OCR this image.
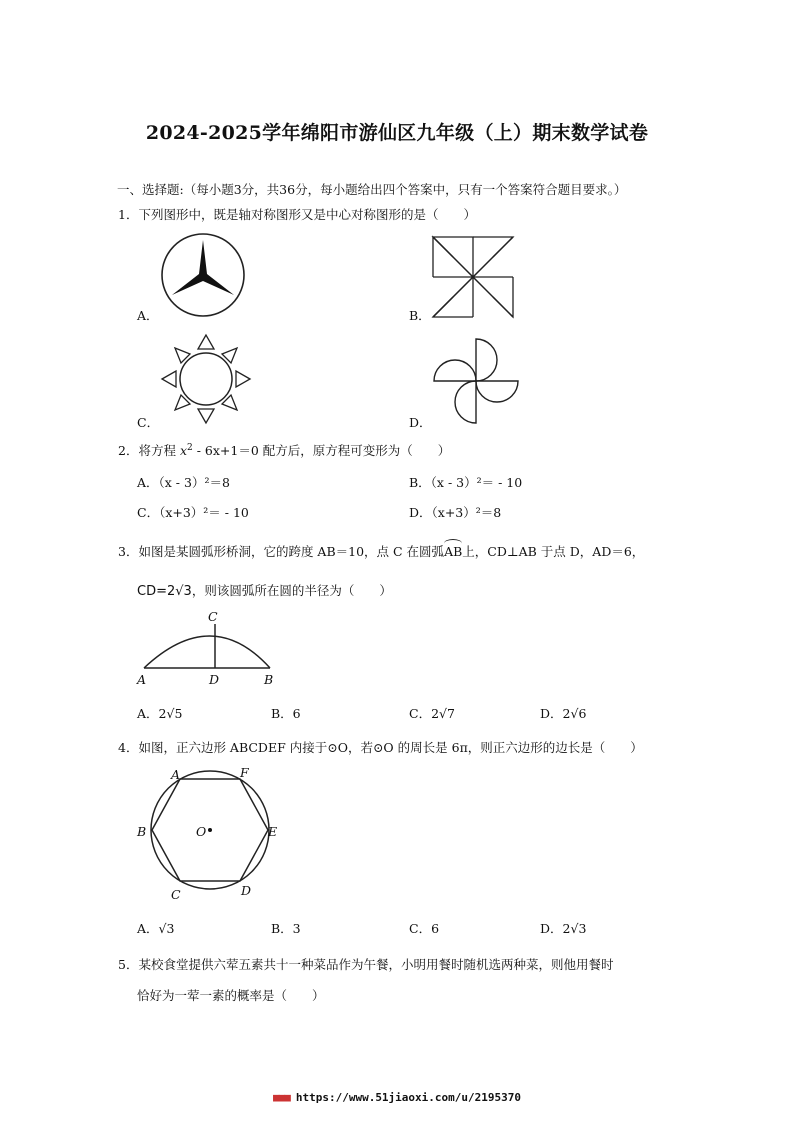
2024-2025学年绵阳市游仙区九年级（上）期末数学试卷
一、选择题:（每小题3分，共36分，每小题给出四个答案中，只有一个答案符合题目要求。）
1．下列图形中，既是轴对称图形又是中心对称图形的是（　　）
A．	B．
C．	D．
2．将方程 $x^2 - 6x+1=0$ 配方后，原方程可变形为（　　）
A．（x - 3）²＝8	B．（x - 3）²＝ - 10
C．（x+3）²＝ - 10	D．（x+3）²＝8
3．如图是某圆弧形桥洞，它的跨度 AB＝10，点 C 在圆弧
AB上，CD⊥AB 于点 D，AD＝6，
CD=2√3，则该圆弧所在圆的半径为（　　）
C
A	D	B
A．2√5	B．6	C．2√7	D．2√6
4．如图，正六边形 ABCDEF 内接于⊙O，若⊙O 的周长是 6π，则正六边形的边长是（　　）
A	F
B	O	E
C	D
A．√3	B．3	C．6	D．2√3
5．某校食堂提供六荤五素共十一种菜品作为午餐，小明用餐时随机选两种菜，则他用餐时
恰好为一荤一素的概率是（　　）
■■■ https://www.51jiaoxi.com/u/2195370
